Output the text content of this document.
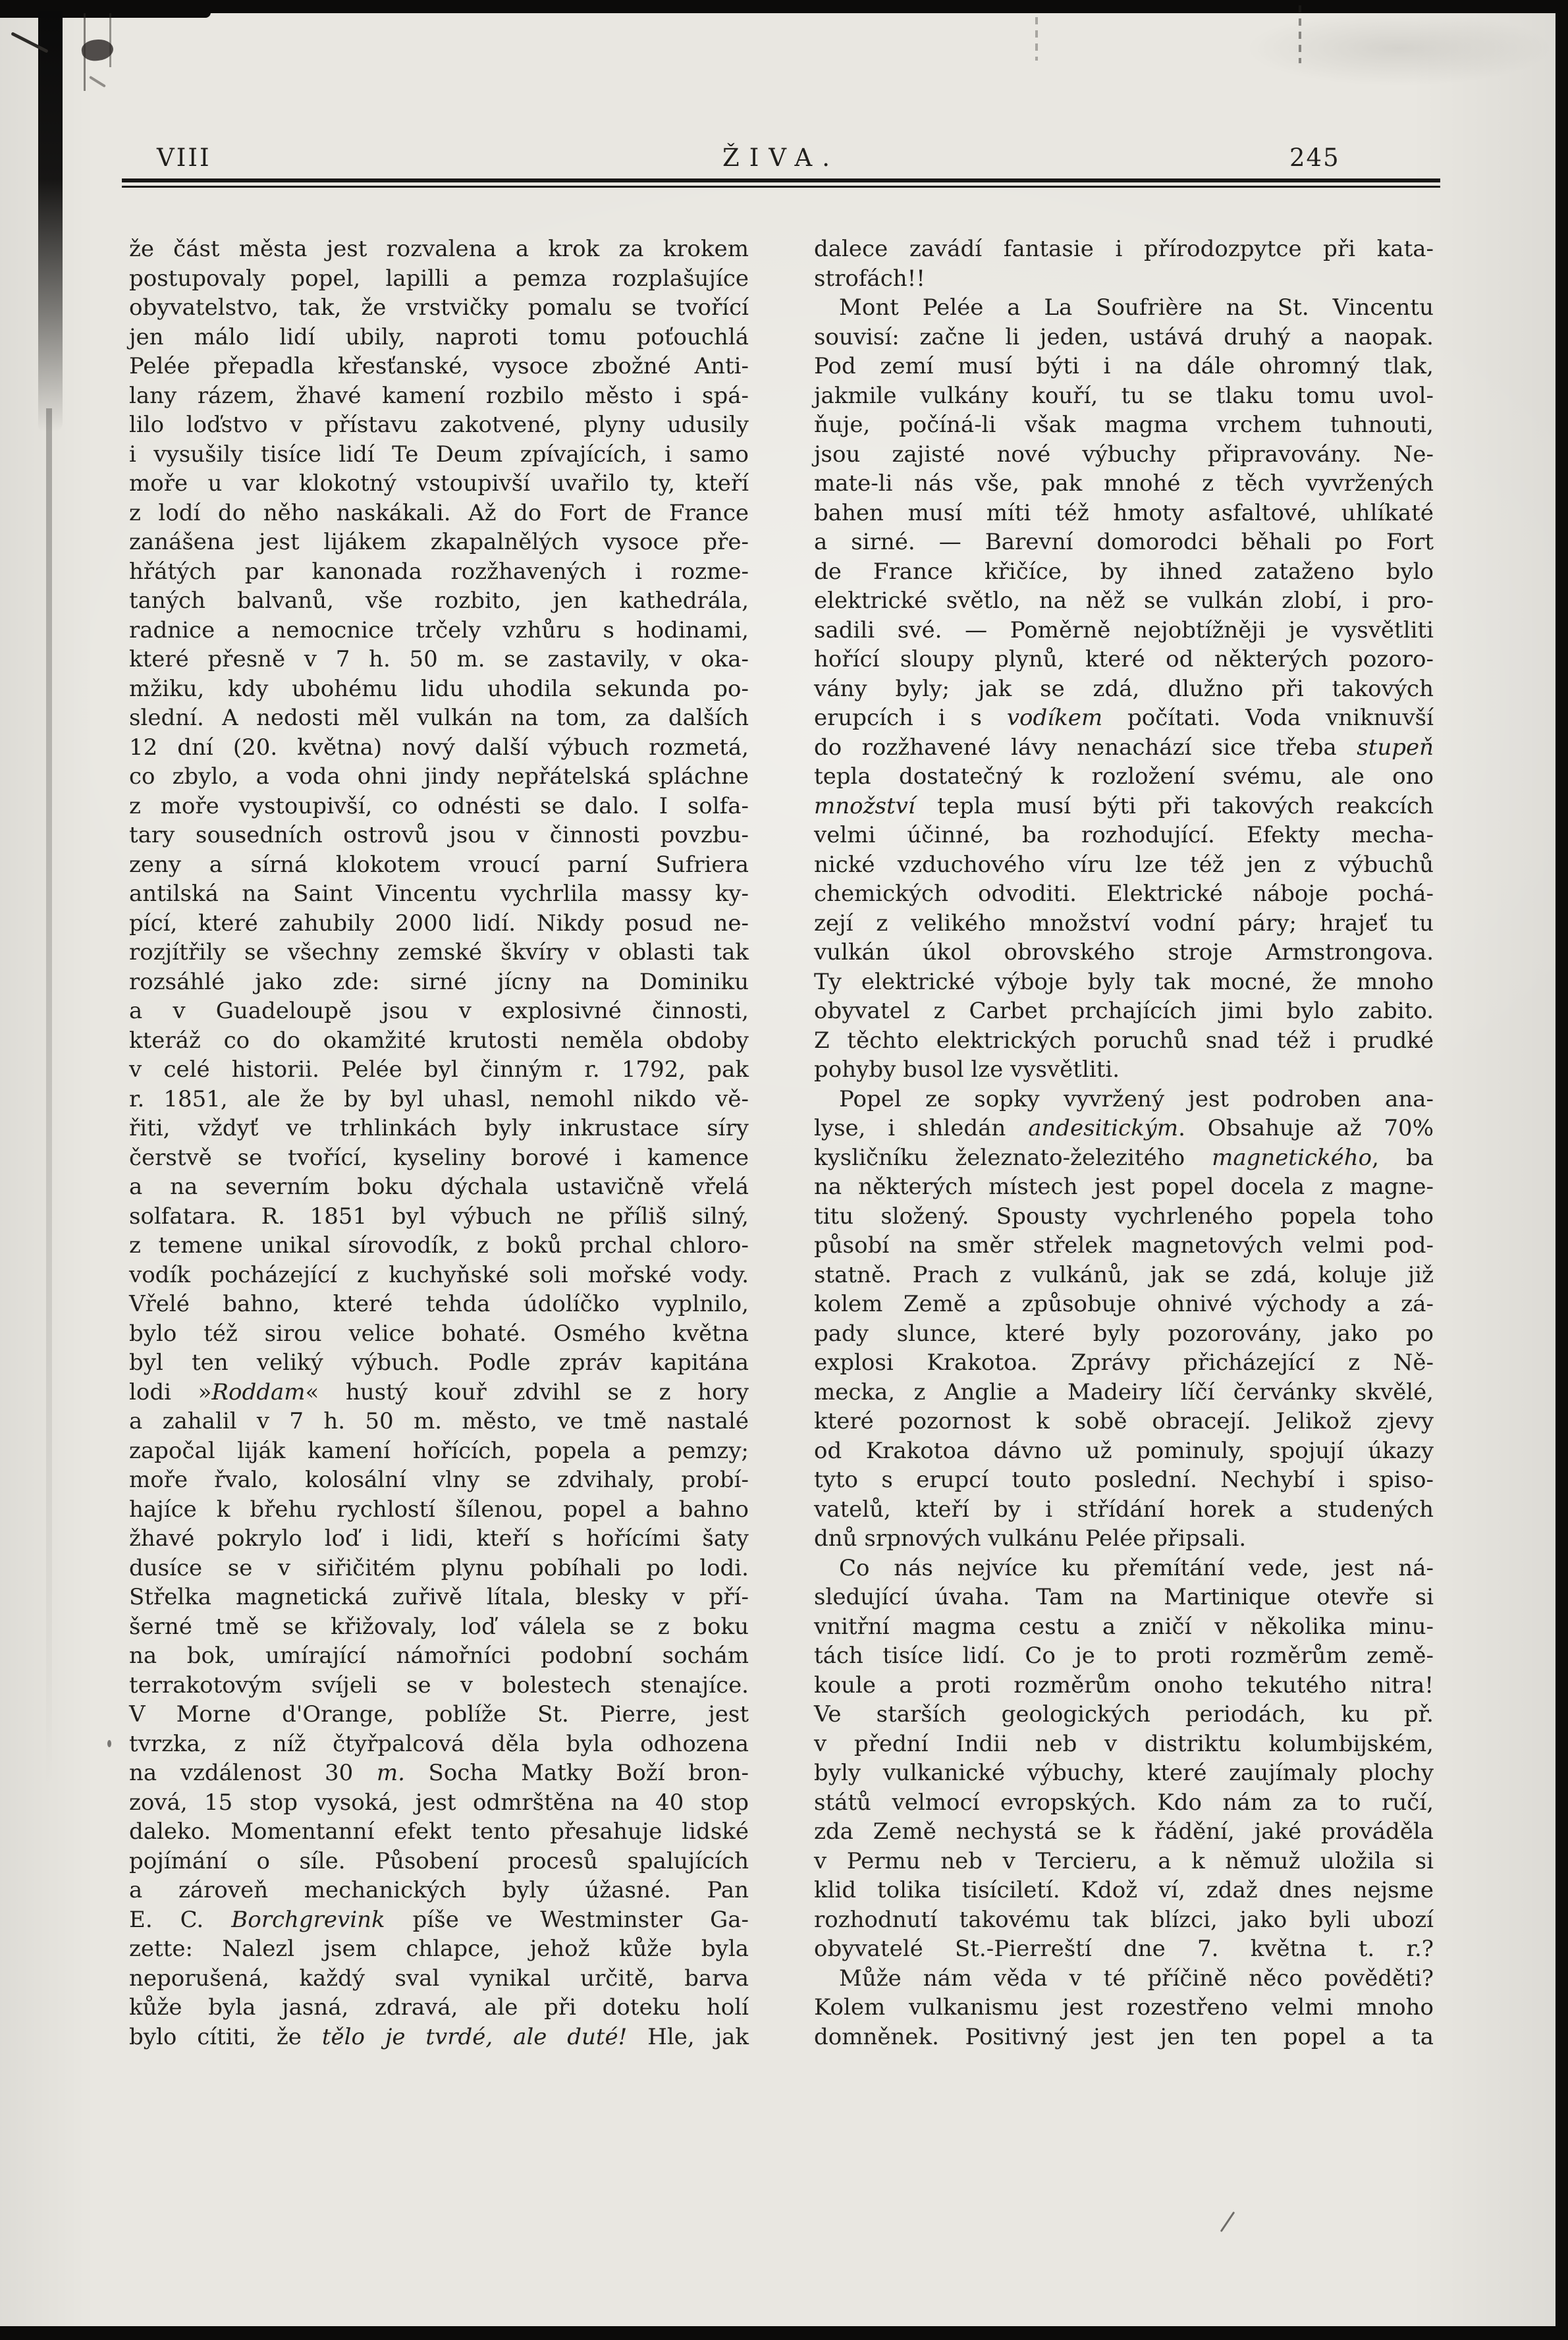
VIII	ŽIVA.	245
že část města jest rozvalena a krok za krokem
postupovaly popel, lapilli a pemza rozplašujíce
obyvatelstvo, tak, že vrstvičky pomalu se tvořící
jen málo lidí ubily, naproti tomu poťouchlá
Pelée přepadla křesťanské, vysoce zbožné Anti-
lany rázem, žhavé kamení rozbilo město i spá-
lilo loďstvo v přístavu zakotvené, plyny udusily
i vysušily tisíce lidí Te Deum zpívajících, i samo
moře u var klokotný vstoupivší uvařilo ty, kteří
z lodí do něho naskákali. Až do Fort de France
zanášena jest lijákem zkapalnělých vysoce pře-
hřátých par kanonada rozžhavených i rozme-
taných balvanů, vše rozbito, jen kathedrála,
radnice a nemocnice trčely vzhůru s hodinami,
které přesně v 7 h. 50 m. se zastavily, v oka-
mžiku, kdy ubohému lidu uhodila sekunda po-
slední. A nedosti měl vulkán na tom, za dalších
12 dní (20. května) nový další výbuch rozmetá,
co zbylo, a voda ohni jindy nepřátelská spláchne
z moře vystoupivší, co odnésti se dalo. I solfa-
tary sousedních ostrovů jsou v činnosti povzbu-
zeny a sírná klokotem vroucí parní Sufriera
antilská na Saint Vincentu vychrlila massy ky-
pící, které zahubily 2000 lidí. Nikdy posud ne-
rozjítřily se všechny zemské škvíry v oblasti tak
rozsáhlé jako zde: sirné jícny na Dominiku
a v Guadeloupě jsou v explosivné činnosti,
kteráž co do okamžité krutosti neměla obdoby
v celé historii. Pelée byl činným r. 1792, pak
r. 1851, ale že by byl uhasl, nemohl nikdo vě-
řiti, vždyť ve trhlinkách byly inkrustace síry
čerstvě se tvořící, kyseliny borové i kamence
a na severním boku dýchala ustavičně vřelá
solfatara. R. 1851 byl výbuch ne příliš silný,
z temene unikal sírovodík, z boků prchal chloro-
vodík pocházející z kuchyňské soli mořské vody.
Vřelé bahno, které tehda údolíčko vyplnilo,
bylo též sirou velice bohaté. Osmého května
byl ten veliký výbuch. Podle zpráv kapitána
lodi »Roddam« hustý kouř zdvihl se z hory
a zahalil v 7 h. 50 m. město, ve tmě nastalé
započal liják kamení hořících, popela a pemzy;
moře řvalo, kolosální vlny se zdvihaly, probí-
hajíce k břehu rychlostí šílenou, popel a bahno
žhavé pokrylo loď i lidi, kteří s hořícími šaty
dusíce se v siřičitém plynu pobíhali po lodi.
Střelka magnetická zuřivě lítala, blesky v pří-
šerné tmě se křižovaly, loď válela se z boku
na bok, umírající námořníci podobní sochám
terrakotovým svíjeli se v bolestech stenajíce.
V Morne d'Orange, poblíže St. Pierre, jest
tvrzka, z níž čtyřpalcová děla byla odhozena
na vzdálenost 30 m. Socha Matky Boží bron-
zová, 15 stop vysoká, jest odmrštěna na 40 stop
daleko. Momentanní efekt tento přesahuje lidské
pojímání o síle. Působení procesů spalujících
a zároveň mechanických byly úžasné. Pan
E. C. Borchgrevink píše ve Westminster Ga-
zette: Nalezl jsem chlapce, jehož kůže byla
neporušená, každý sval vynikal určitě, barva
kůže byla jasná, zdravá, ale při doteku holí
bylo cítiti, že tělo je tvrdé, ale duté! Hle, jak
dalece zavádí fantasie i přírodozpytce při kata-
strofách!!
Mont Pelée a La Soufrière na St. Vincentu
souvisí: začne li jeden, ustává druhý a naopak.
Pod zemí musí býti i na dále ohromný tlak,
jakmile vulkány kouří, tu se tlaku tomu uvol-
ňuje, počíná-li však magma vrchem tuhnouti,
jsou zajisté nové výbuchy připravovány. Ne-
mate-li nás vše, pak mnohé z těch vyvržených
bahen musí míti též hmoty asfaltové, uhlíkaté
a sirné. — Barevní domorodci běhali po Fort
de France křičíce, by ihned zataženo bylo
elektrické světlo, na něž se vulkán zlobí, i pro-
sadili své. — Poměrně nejobtížněji je vysvětliti
hořící sloupy plynů, které od některých pozoro-
vány byly; jak se zdá, dlužno při takových
erupcích i s vodíkem počítati. Voda vniknuvší
do rozžhavené lávy nenachází sice třeba stupeň
tepla dostatečný k rozložení svému, ale ono
množství tepla musí býti při takových reakcích
velmi účinné, ba rozhodující. Efekty mecha-
nické vzduchového víru lze též jen z výbuchů
chemických odvoditi. Elektrické náboje pochá-
zejí z velikého množství vodní páry; hrajeť tu
vulkán úkol obrovského stroje Armstrongova.
Ty elektrické výboje byly tak mocné, že mnoho
obyvatel z Carbet prchajících jimi bylo zabito.
Z těchto elektrických poruchů snad též i prudké
pohyby busol lze vysvětliti.
Popel ze sopky vyvržený jest podroben ana-
lyse, i shledán andesitickým. Obsahuje až 70%
kysličníku železnato-železitého magnetického, ba
na některých místech jest popel docela z magne-
titu složený. Spousty vychrleného popela toho
působí na směr střelek magnetových velmi pod-
statně. Prach z vulkánů, jak se zdá, koluje již
kolem Země a způsobuje ohnivé východy a zá-
pady slunce, které byly pozorovány, jako po
explosi Krakotoa. Zprávy přicházející z Ně-
mecka, z Anglie a Madeiry líčí červánky skvělé,
které pozornost k sobě obracejí. Jelikož zjevy
od Krakotoa dávno už pominuly, spojují úkazy
tyto s erupcí touto poslední. Nechybí i spiso-
vatelů, kteří by i střídání horek a studených
dnů srpnových vulkánu Pelée připsali.
Co nás nejvíce ku přemítání vede, jest ná-
sledující úvaha. Tam na Martinique otevře si
vnitřní magma cestu a zničí v několika minu-
tách tisíce lidí. Co je to proti rozměrům země-
koule a proti rozměrům onoho tekutého nitra!
Ve starších geologických periodách, ku př.
v přední Indii neb v distriktu kolumbijském,
byly vulkanické výbuchy, které zaujímaly plochy
států velmocí evropských. Kdo nám za to ručí,
zda Země nechystá se k řádění, jaké prováděla
v Permu neb v Tercieru, a k němuž uložila si
klid tolika tisíciletí. Kdož ví, zdaž dnes nejsme
rozhodnutí takovému tak blízci, jako byli ubozí
obyvatelé St.-Pierreští dne 7. května t. r.?
Může nám věda v té příčině něco pověděti?
Kolem vulkanismu jest rozestřeno velmi mnoho
domněnek. Positivný jest jen ten popel a ta
